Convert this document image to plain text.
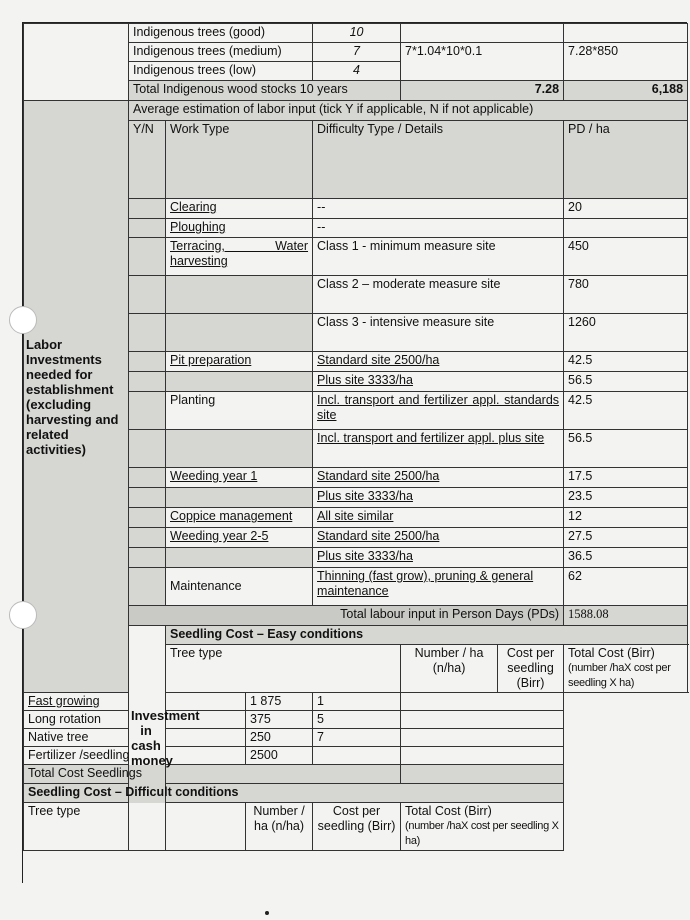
	Indigenous trees (good)			10				
	Indigenous trees (medium)			7	7*1.04*10*0.1		7.28*850	
	Indigenous trees (low)			4				
	Total Indigenous wood stocks 10 years				7.28		6,188	
Labor Investments needed for establishment (excluding harvesting and related activities)	Average estimation of labor input (tick Y if applicable, N if not applicable)							
	Y/N	Work Type		Difficulty Type / Details			PD / ha	
		Clearing		--			20	
		Ploughing		--				
		Terracing, Water harvesting		Class 1 - minimum measure site			450	
				Class 2 – moderate measure site			780	
				Class 3 - intensive measure site			1260	
		Pit preparation		Standard site 2500/ha			42.5	
				Plus site 3333/ha			56.5	
		Planting		Incl. transport and fertilizer appl. standards site			42.5	
				Incl. transport and fertilizer appl. plus site			56.5	
		Weeding year 1		Standard site 2500/ha			17.5	
				Plus site 3333/ha			23.5	
		Coppice management		All site similar			12	
		Weeding year 2-5		Standard site 2500/ha			27.5	
				Plus site 3333/ha			36.5	
		Maintenance		Thinning (fast grow), pruning & general maintenance			62	
	Total labour input in Person Days (PDs)						1588.08	
	Investment in cash money	Seedling Cost – Easy conditions						
		Tree type			Number / ha (n/ha)	Cost per seedling (Birr)	Total Cost (Birr)
(number /haX cost per seedling X ha)	

Fast growing			1 875	1				
Long rotation			375	5				
Native tree			250	7				
Fertilizer /seedling			2500					
Total Cost Seedlings								
Seedling Cost – Difficult conditions								
Tree type			Number / ha (n/ha)	Cost per seedling (Birr)	Total Cost (Birr)
(number /haX cost per seedling X ha)			
